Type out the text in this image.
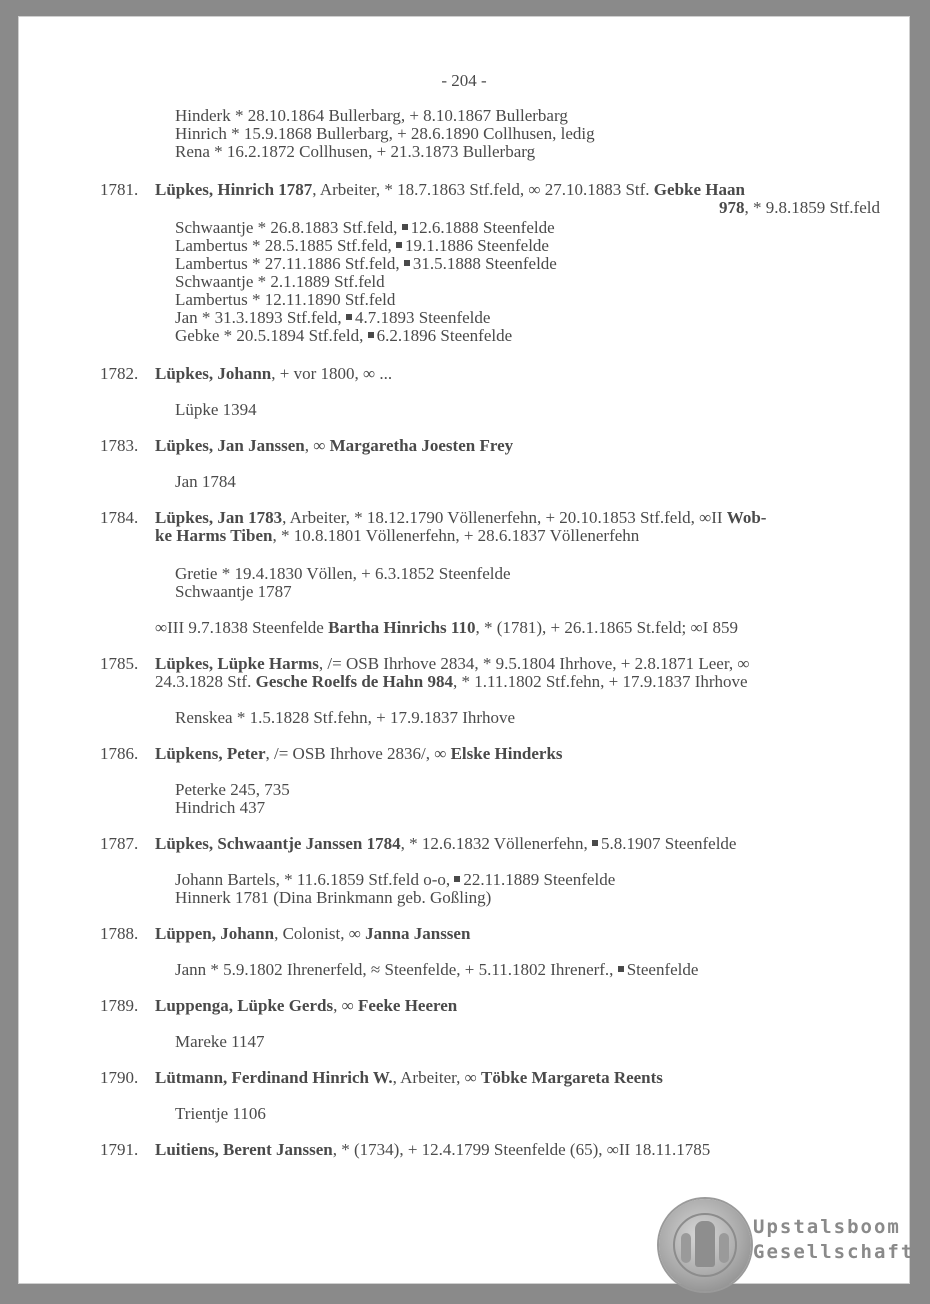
- 204 -
Hinderk * 28.10.1864 Bullerbarg, + 8.10.1867 Bullerbarg
Hinrich * 15.9.1868 Bullerbarg, + 28.6.1890 Collhusen, ledig
Rena * 16.2.1872 Collhusen, + 21.3.1873 Bullerbarg
1781. Lüpkes, Hinrich 1787, Arbeiter, * 18.7.1863 Stf.feld, ∞ 27.10.1883 Stf. Gebke Haan
978, * 9.8.1859 Stf.feld
Schwaantje * 26.8.1883 Stf.feld, 12.6.1888 Steenfelde
Lambertus * 28.5.1885 Stf.feld, 19.1.1886 Steenfelde
Lambertus * 27.11.1886 Stf.feld, 31.5.1888 Steenfelde
Schwaantje * 2.1.1889 Stf.feld
Lambertus * 12.11.1890 Stf.feld
Jan * 31.3.1893 Stf.feld, 4.7.1893 Steenfelde
Gebke * 20.5.1894 Stf.feld, 6.2.1896 Steenfelde
1782. Lüpkes, Johann, + vor 1800, ∞ ...
Lüpke 1394
1783. Lüpkes, Jan Janssen, ∞ Margaretha Joesten Frey
Jan 1784
1784. Lüpkes, Jan 1783, Arbeiter, * 18.12.1790 Völlenerfehn, + 20.10.1853 Stf.feld, ∞II Wob-
ke Harms Tiben, * 10.8.1801 Völlenerfehn, + 28.6.1837 Völlenerfehn
Gretie * 19.4.1830 Völlen, + 6.3.1852 Steenfelde
Schwaantje 1787
∞III 9.7.1838 Steenfelde Bartha Hinrichs 110, * (1781), + 26.1.1865 St.feld; ∞I 859
1785. Lüpkes, Lüpke Harms, /= OSB Ihrhove 2834, * 9.5.1804 Ihrhove, + 2.8.1871 Leer, ∞
24.3.1828 Stf. Gesche Roelfs de Hahn 984, * 1.11.1802 Stf.fehn, + 17.9.1837 Ihrhove
Renskea * 1.5.1828 Stf.fehn, + 17.9.1837 Ihrhove
1786. Lüpkens, Peter, /= OSB Ihrhove 2836/, ∞ Elske Hinderks
Peterke 245, 735
Hindrich 437
1787. Lüpkes, Schwaantje Janssen 1784, * 12.6.1832 Völlenerfehn, 5.8.1907 Steenfelde
Johann Bartels, * 11.6.1859 Stf.feld o-o, 22.11.1889 Steenfelde
Hinnerk 1781 (Dina Brinkmann geb. Goßling)
1788. Lüppen, Johann, Colonist, ∞ Janna Janssen
Jann * 5.9.1802 Ihrenerfeld, ≈ Steenfelde, + 5.11.1802 Ihrenerf., Steenfelde
1789. Luppenga, Lüpke Gerds, ∞ Feeke Heeren
Mareke 1147
1790. Lütmann, Ferdinand Hinrich W., Arbeiter, ∞ Töbke Margareta Reents
Trientje 1106
1791. Luitiens, Berent Janssen, * (1734), + 12.4.1799 Steenfelde (65), ∞II 18.11.1785
Upstalsboom
Gesellschaft
